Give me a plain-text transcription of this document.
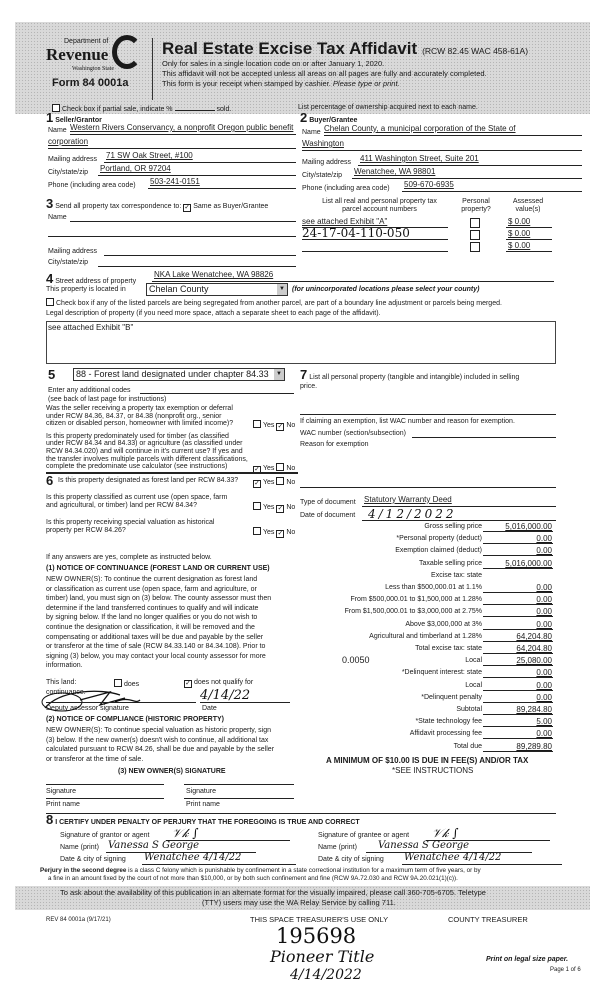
Department of
Revenue
Washington State
Form 84 0001a
Real Estate Excise Tax Affidavit (RCW 82.45 WAC 458-61A)
Only for sales in a single location code on or after January 1, 2020.
This affidavit will not be accepted unless all areas on all pages are fully and accurately completed.
This form is your receipt when stamped by cashier. Please type or print.
Check box if partial sale, indicate %	sold.	List percentage of ownership acquired next to each name.
1 Seller/Grantor
Name Western Rivers Conservancy, a nonprofit Oregon public benefit
corporation
Mailing address 71 SW Oak Street, #100
City/state/zip Portland, OR 97204
Phone (including area code) 503-241-0151
3 Send all property tax correspondence to: ✓ Same as Buyer/Grantee
Name
Mailing address
City/state/zip
2 Buyer/Grantee
Name Chelan County, a municipal corporation of the State of
Washington
Mailing address 411 Washington Street, Suite 201
City/state/zip Wenatchee, WA 98801
Phone (including area code) 509-670-6935
List all real and personal property tax parcel account numbers
Personal property?
Assessed value(s)
see attached Exhibit "A"	$ 0.00
24-17-04-110-050	$ 0.00
$ 0.00
4 Street address of property
NKA Lake Wenatchee, WA 98826
This property is located in	Chelan County	▼ (for unincorporated locations please select your county)
Check box if any of the listed parcels are being segregated from another parcel, are part of a boundary line adjustment or parcels being merged.
Legal description of property (if you need more space, attach a separate sheet to each page of the affidavit).
see attached Exhibit "B"
5 88 - Forest land designated under chapter 84.33	▼
Enter any additional codes
(see back of last page for instructions)
Was the seller receiving a property tax exemption or deferral
under RCW 84.36, 84.37, or 84.38 (nonprofit org., senior
citizen or disabled person, homeowner with limited income)?	Yes ✓ No
Is this property predominately used for timber (as classified
under RCW 84.34 and 84.33) or agriculture (as classified under
RCW 84.34.020) and will continue in it's current use? If yes and
the transfer involves multiple parcels with different classifications,
complete the predominate use calculator (see instructions)	✓ Yes No
6 Is this property designated as forest land per RCW 84.33? ✓ Yes No
Is this property classified as current use (open space, farm
and agricultural, or timber) land per RCW 84.34?	Yes ✓ No
Is this property receiving special valuation as historical
property per RCW 84.26?	Yes ✓ No
If any answers are yes, complete as instructed below.
(1) NOTICE OF CONTINUANCE (FOREST LAND OR CURRENT USE)
NEW OWNER(S): To continue the current designation as forest land
or classification as current use (open space, farm and agriculture, or
timber) land, you must sign on (3) below. The county assessor must then
determine if the land transferred continues to qualify and will indicate
by signing below. If the land no longer qualifies or you do not wish to
continue the designation or classification, it will be removed and the
compensating or additional taxes will be due and payable by the seller
or transferor at the time of sale (RCW 84.33.140 or 84.34.108). Prior to
signing (3) below, you may contact your local county assessor for more
information.
This land:	does	✓ does not qualify for
continuance.	4/14/22
Deputy assessor signature	Date
(2) NOTICE OF COMPLIANCE (HISTORIC PROPERTY)
NEW OWNER(S): To continue special valuation as historic property, sign
(3) below. If the new owner(s) doesn't wish to continue, all additional tax
calculated pursuant to RCW 84.26, shall be due and payable by the seller
or transferor at the time of sale.
(3) NEW OWNER(S) SIGNATURE
Signature	Signature
Print name	Print name
7 List all personal property (tangible and intangible) included in selling
price.
If claiming an exemption, list WAC number and reason for exemption.
WAC number (section/subsection)
Reason for exemption
Type of document Statutory Warranty Deed
Date of document 4/12/2022
Gross selling price	5,016,000.00
*Personal property (deduct)	0.00
Exemption claimed (deduct)	0.00
Taxable selling price	5,016,000.00
Excise tax: state
Less than $500,000.01 at 1.1%	0.00
From $500,000.01 to $1,500,000 at 1.28%	0.00
From $1,500,000.01 to $3,000,000 at 2.75%	0.00
Above $3,000,000 at 3%	0.00
Agricultural and timberland at 1.28%	64,204.80
Total excise tax: state	64,204.80
Local	25,080.00
0.0050
*Delinquent interest: state	0.00
Local	0.00
*Delinquent penalty	0.00
Subtotal	89,284.80
*State technology fee	5.00
Affidavit processing fee	0.00
Total due	89,289.80
A MINIMUM OF $10.00 IS DUE IN FEE(S) AND/OR TAX
*SEE INSTRUCTIONS
8 I CERTIFY UNDER PENALTY OF PERJURY THAT THE FOREGOING IS TRUE AND CORRECT
Signature of grantor or agent 𝒱𝓀 ∫
Name (print) Vanessa S George
Date & city of signing Wenatchee 4/14/22
Signature of grantee or agent 𝒱𝓀 ∫
Name (print) Vanessa S George
Date & city of signing Wenatchee 4/14/22
Perjury in the second degree is a class C felony which is punishable by confinement in a state correctional institution for a maximum term of five years, or by
a fine in an amount fixed by the court of not more than $10,000, or by both such confinement and fine (RCW 9A.72.030 and RCW 9A.20.021(1)(c)).
To ask about the availability of this publication in an alternate format for the visually impaired, please call 360-705-6705. Teletype
(TTY) users may use the WA Relay Service by calling 711.
REV 84 0001a (9/17/21)	THIS SPACE TREASURER'S USE ONLY	COUNTY TREASURER
195698
Pioneer Title
4/14/2022
Print on legal size paper.
Page 1 of 6
